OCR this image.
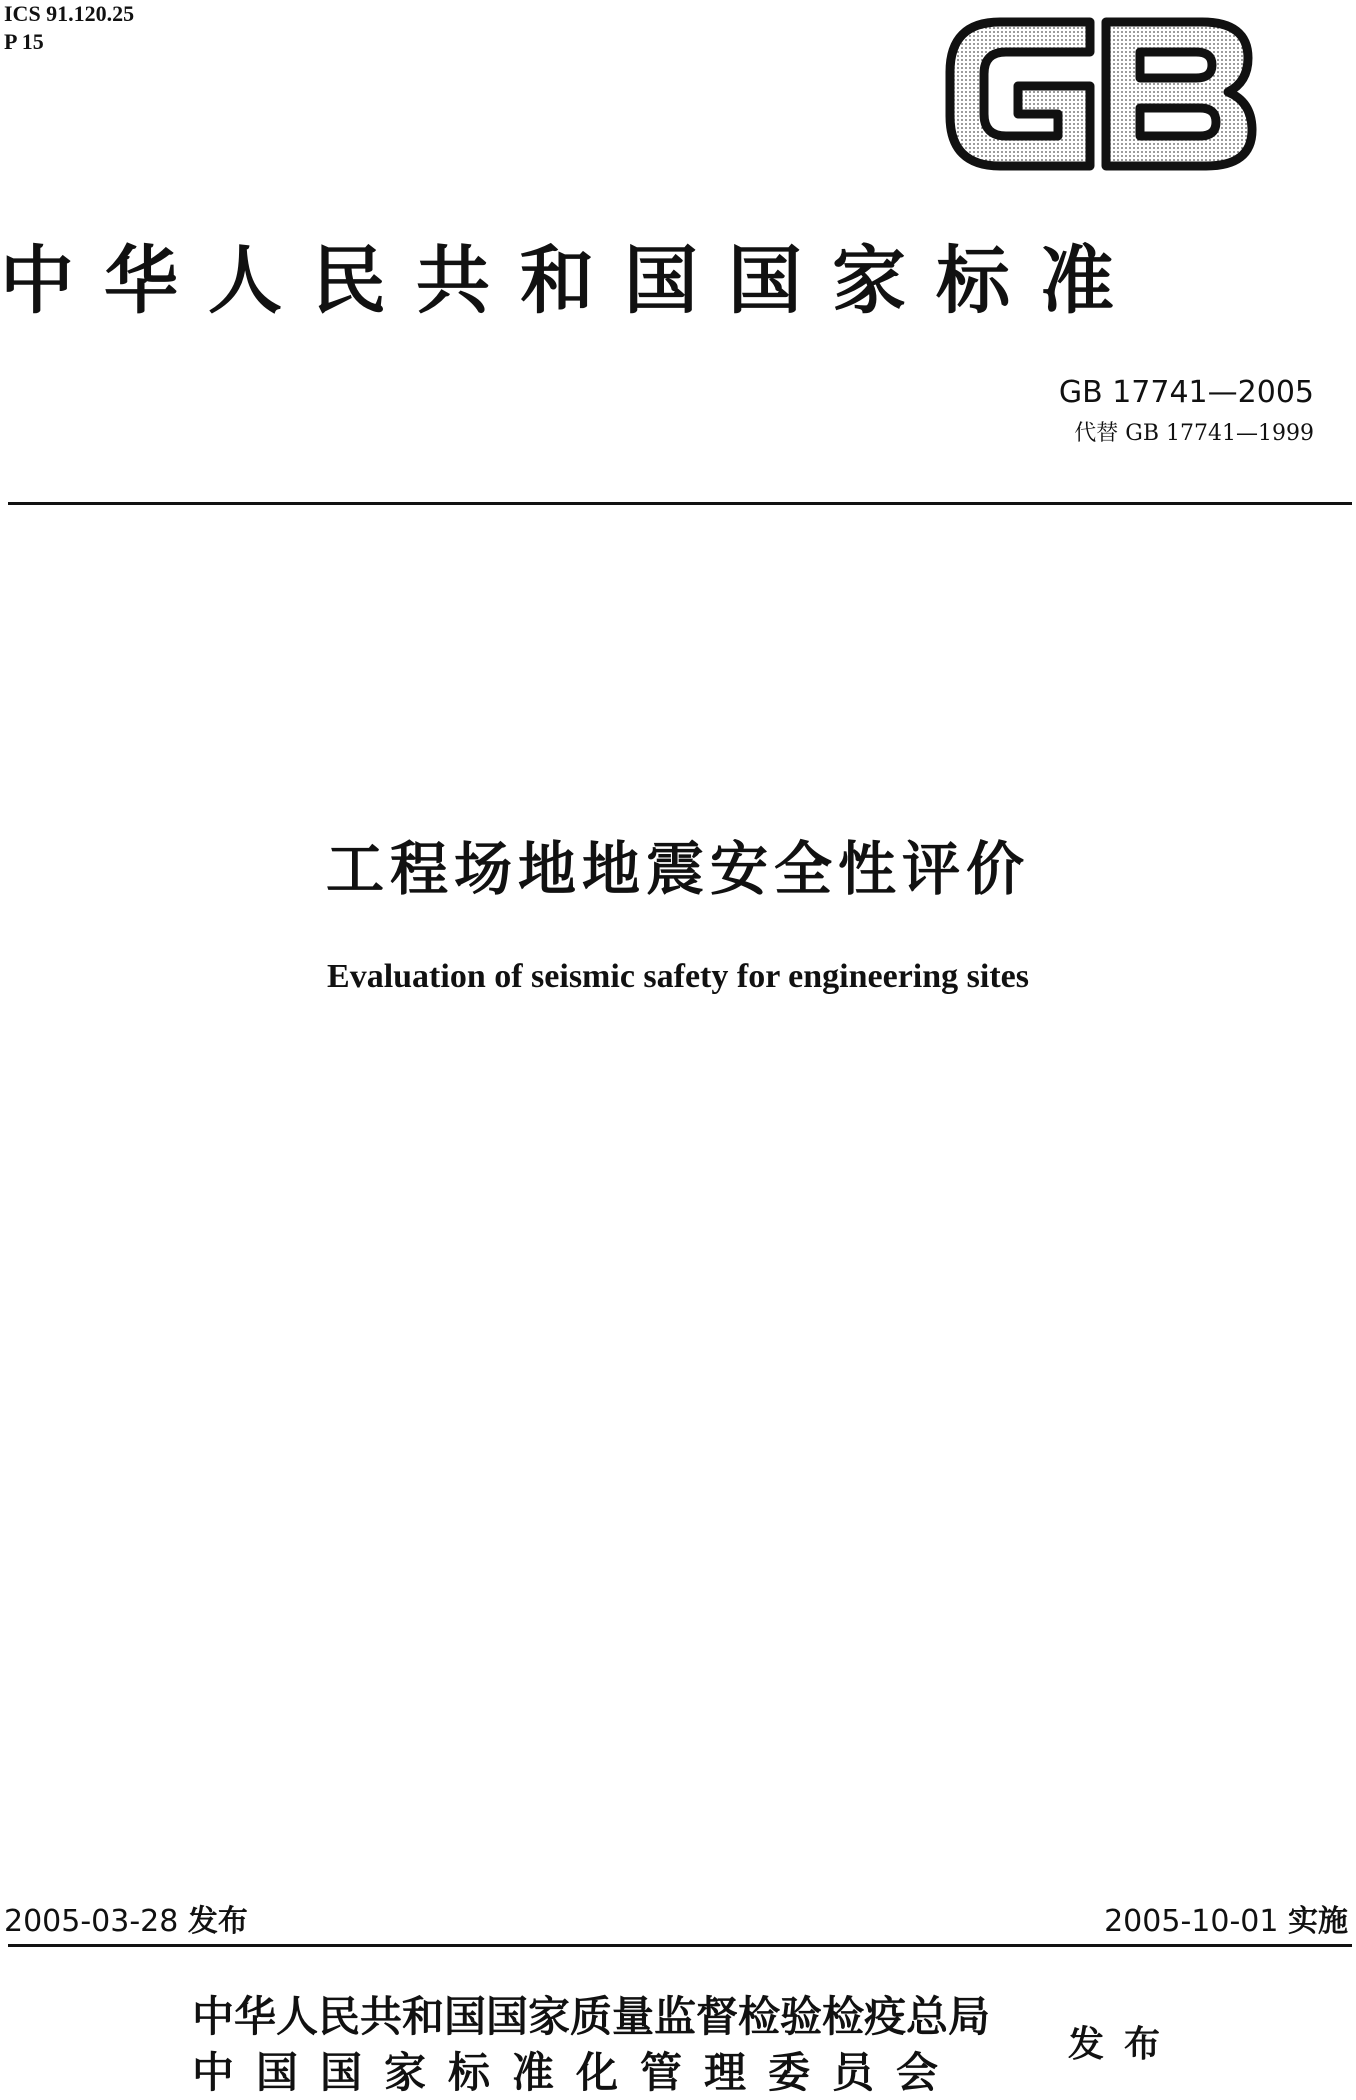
ICS 91.120.25
P 15
中华人民共和国国家标准
GB 17741—2005
代替 GB 17741—1999
工程场地地震安全性评价
Evaluation of seismic safety for engineering sites
2005-03-28 发布	2005-10-01 实施
中华人民共和国国家质量监督检验检疫总局
中国国家标准化管理委员会
发布
